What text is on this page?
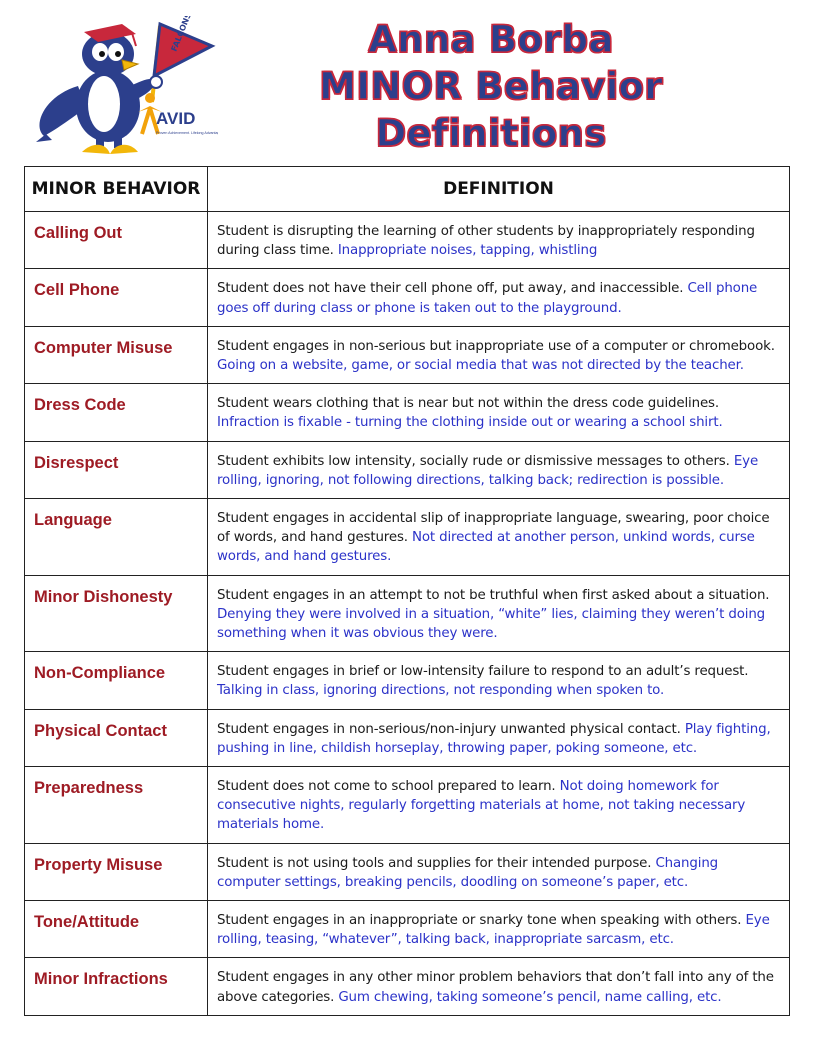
FALCONS
AVID
Proven Achievement. Lifelong Advantage.
Anna Borba
MINOR Behavior
Definitions
MINOR BEHAVIOR	DEFINITION
Calling Out	Student is disrupting the learning of other students by inappropriately responding during class time. Inappropriate noises, tapping, whistling
Cell Phone	Student does not have their cell phone off, put away, and inaccessible. Cell phone goes off during class or phone is taken out to the playground.
Computer Misuse	Student engages in non-serious but inappropriate use of a computer or chromebook. Going on a website, game, or social media that was not directed by the teacher.
Dress Code	Student wears clothing that is near but not within the dress code guidelines. Infraction is fixable - turning the clothing inside out or wearing a school shirt.
Disrespect	Student exhibits low intensity, socially rude or dismissive messages to others. Eye rolling, ignoring, not following directions, talking back; redirection is possible.
Language	Student engages in accidental slip of inappropriate language, swearing, poor choice of words, and hand gestures. Not directed at another person, unkind words, curse words, and hand gestures.
Minor Dishonesty	Student engages in an attempt to not be truthful when first asked about a situation. Denying they were involved in a situation, “white” lies, claiming they weren’t doing something when it was obvious they were.
Non-Compliance	Student engages in brief or low-intensity failure to respond to an adult’s request. Talking in class, ignoring directions, not responding when spoken to.
Physical Contact	Student engages in non-serious/non-injury unwanted physical contact. Play fighting, pushing in line, childish horseplay, throwing paper, poking someone, etc.
Preparedness	Student does not come to school prepared to learn. Not doing homework for consecutive nights, regularly forgetting materials at home, not taking necessary materials home.
Property Misuse	Student is not using tools and supplies for their intended purpose. Changing computer settings, breaking pencils, doodling on someone’s paper, etc.
Tone/Attitude	Student engages in an inappropriate or snarky tone when speaking with others. Eye rolling, teasing, “whatever”, talking back, inappropriate sarcasm, etc.
Minor Infractions	Student engages in any other minor problem behaviors that don’t fall into any of the above categories. Gum chewing, taking someone’s pencil, name calling, etc.
